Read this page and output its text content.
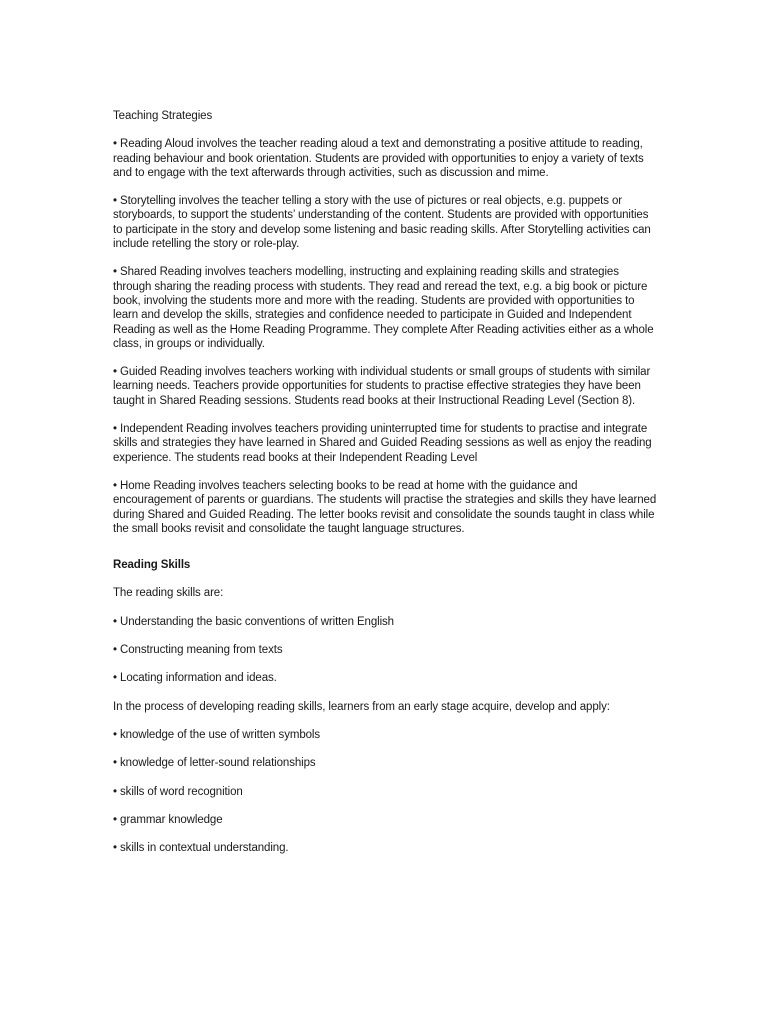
Teaching Strategies

• Reading Aloud involves the teacher reading aloud a text and demonstrating a positive attitude to reading, reading behaviour and book orientation. Students are provided with opportunities to enjoy a variety of texts and to engage with the text afterwards through activities, such as discussion and mime.

• Storytelling involves the teacher telling a story with the use of pictures or real objects, e.g. puppets or storyboards, to support the students’ understanding of the content. Students are provided with opportunities to participate in the story and develop some listening and basic reading skills. After Storytelling activities can include retelling the story or role-play.

• Shared Reading involves teachers modelling, instructing and explaining reading skills and strategies through sharing the reading process with students. They read and reread the text, e.g. a big book or picture book, involving the students more and more with the reading. Students are provided with opportunities to learn and develop the skills, strategies and confidence needed to participate in Guided and Independent Reading as well as the Home Reading Programme. They complete After Reading activities either as a whole class, in groups or individually.

• Guided Reading involves teachers working with individual students or small groups of students with similar learning needs. Teachers provide opportunities for students to practise effective strategies they have been taught in Shared Reading sessions. Students read books at their Instructional Reading Level (Section 8).

• Independent Reading involves teachers providing uninterrupted time for students to practise and integrate skills and strategies they have learned in Shared and Guided Reading sessions as well as enjoy the reading experience. The students read books at their Independent Reading Level

• Home Reading involves teachers selecting books to be read at home with the guidance and encouragement of parents or guardians. The students will practise the strategies and skills they have learned during Shared and Guided Reading. The letter books revisit and consolidate the sounds taught in class while the small books revisit and consolidate the taught language structures.

Reading Skills

The reading skills are:

• Understanding the basic conventions of written English

• Constructing meaning from texts

• Locating information and ideas.

In the process of developing reading skills, learners from an early stage acquire, develop and apply:

• knowledge of the use of written symbols

• knowledge of letter-sound relationships

• skills of word recognition

• grammar knowledge

• skills in contextual understanding.
